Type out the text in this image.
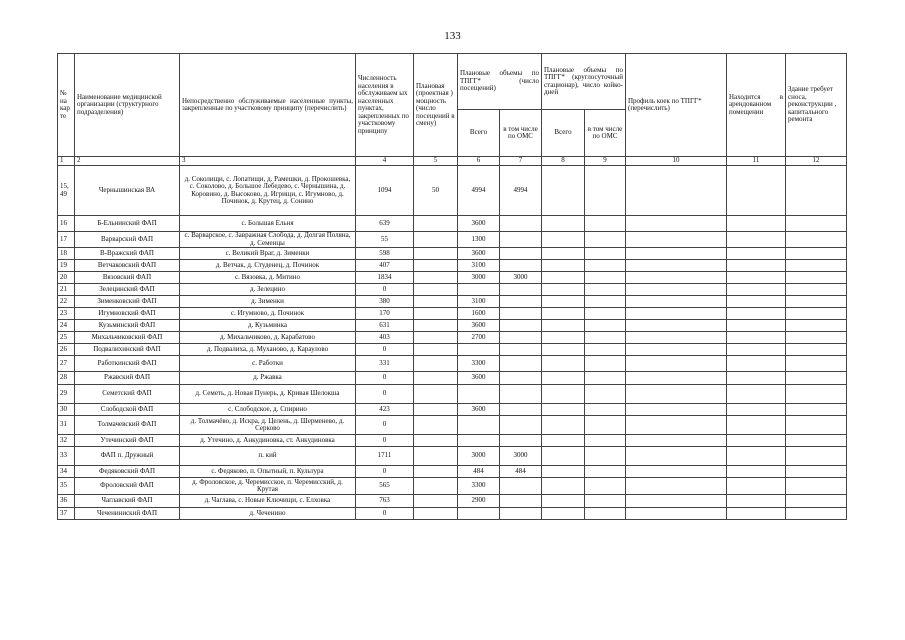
133
№ на кар те	Наименование медицинской организации (структурного подразделения)	Непосредственно обслуживаемые населенные пункты, закрепленные по участковому принципу (перечислить)	Численность населения в обслуживаем ых населенных пунктах, закрепленных по участковому принципу	Плановая (проектная ) мощность (число посещений в смену)	Плановые объемы по ТПГГ* (число посещений)		Плановые объемы по ТПГГ* (круглосуточный стационар), число койко-дней		Профиль коек по ТПГГ* (перечислить)	Находится в арендованном помещении	Здание требует сноса, реконструкции , капитального ремонта
					Всего	в том числе по ОМС	Всего	в том числе по ОМС			
1	2	3	4	5	6	7	8	9	10	11	12
15, 49	Чернышинская ВА	д. Соколищи, с. Лопатищи, д. Рамешки, д. Прокошевка, с. Соколово, д. Большое Лебедево, с. Чернышина, д. Коровино, д. Высоково, д. Игрищи, с. Игумново, д. Починок, д. Крутец, д. Сонино	1094	50	4994	4994					
16	Б-Ельнинский ФАП	с. Большая Ельня	639		3600						
17	Варварский ФАП	с. Варварское, с. Завражная Слобода, д. Долгая Поляна, д. Семенцы	55		1300						
18	В-Вражский ФАП	с. Великий Враг, д. Зименки	598		3600						
19	Ветчаковский ФАП	д. Ветчак, д. Студенец, д. Починок	407		3100						
20	Вязовский ФАП	с. Вязовка, д. Митино	1834		3000	3000					
21	Зелецинский ФАП	д. Зелецино	0								
22	Зименковский ФАП	д. Зименки	380		3100						
23	Игумновский ФАП	с. Игумново, д. Починок	170		1600						
24	Кузьминский ФАП	д. Кузьминка	631		3600						
25	Михальчиковский ФАП	д. Михальчиково, д. Карабатово	403		2700						
26	Подвалихинский ФАП	д. Подвалиха, д. Муханово, д. Караулово	0								
27	Работкинский ФАП	с. Работки	331		3300						
28	Ржавский ФАП	д. Ржавка	0		3600						
29	Семетский ФАП	д. Семеть, д. Новая Пунерь, д. Кривая Шелокша	0								
30	Слободской ФАП	с. Слободское, д. Спирино	423		3600						
31	Толмачевский ФАП	д. Толмачёво, д. Искра, д. Целень, д. Шерменево, д. Серково	0								
32	Утечинский ФАП	д. Утечино, д. Анкудиновка, ст. Анкудиновка	0								
33	ФАП п. Дружный	п. кий	1711		3000	3000					
34	Федяковский ФАП	с. Федяково, п. Опытный, п. Культура	0		484	484					
35	Фроловский ФАП	д. Фроловское, д. Черемисское, п. Черемисский, д. Крутая	565		3300						
36	Чаглавский ФАП	д. Чаглава, с. Новые Ключищи, с. Елховка	763		2900						
37	Чечениниский ФАП	д. Чеченино	0								
